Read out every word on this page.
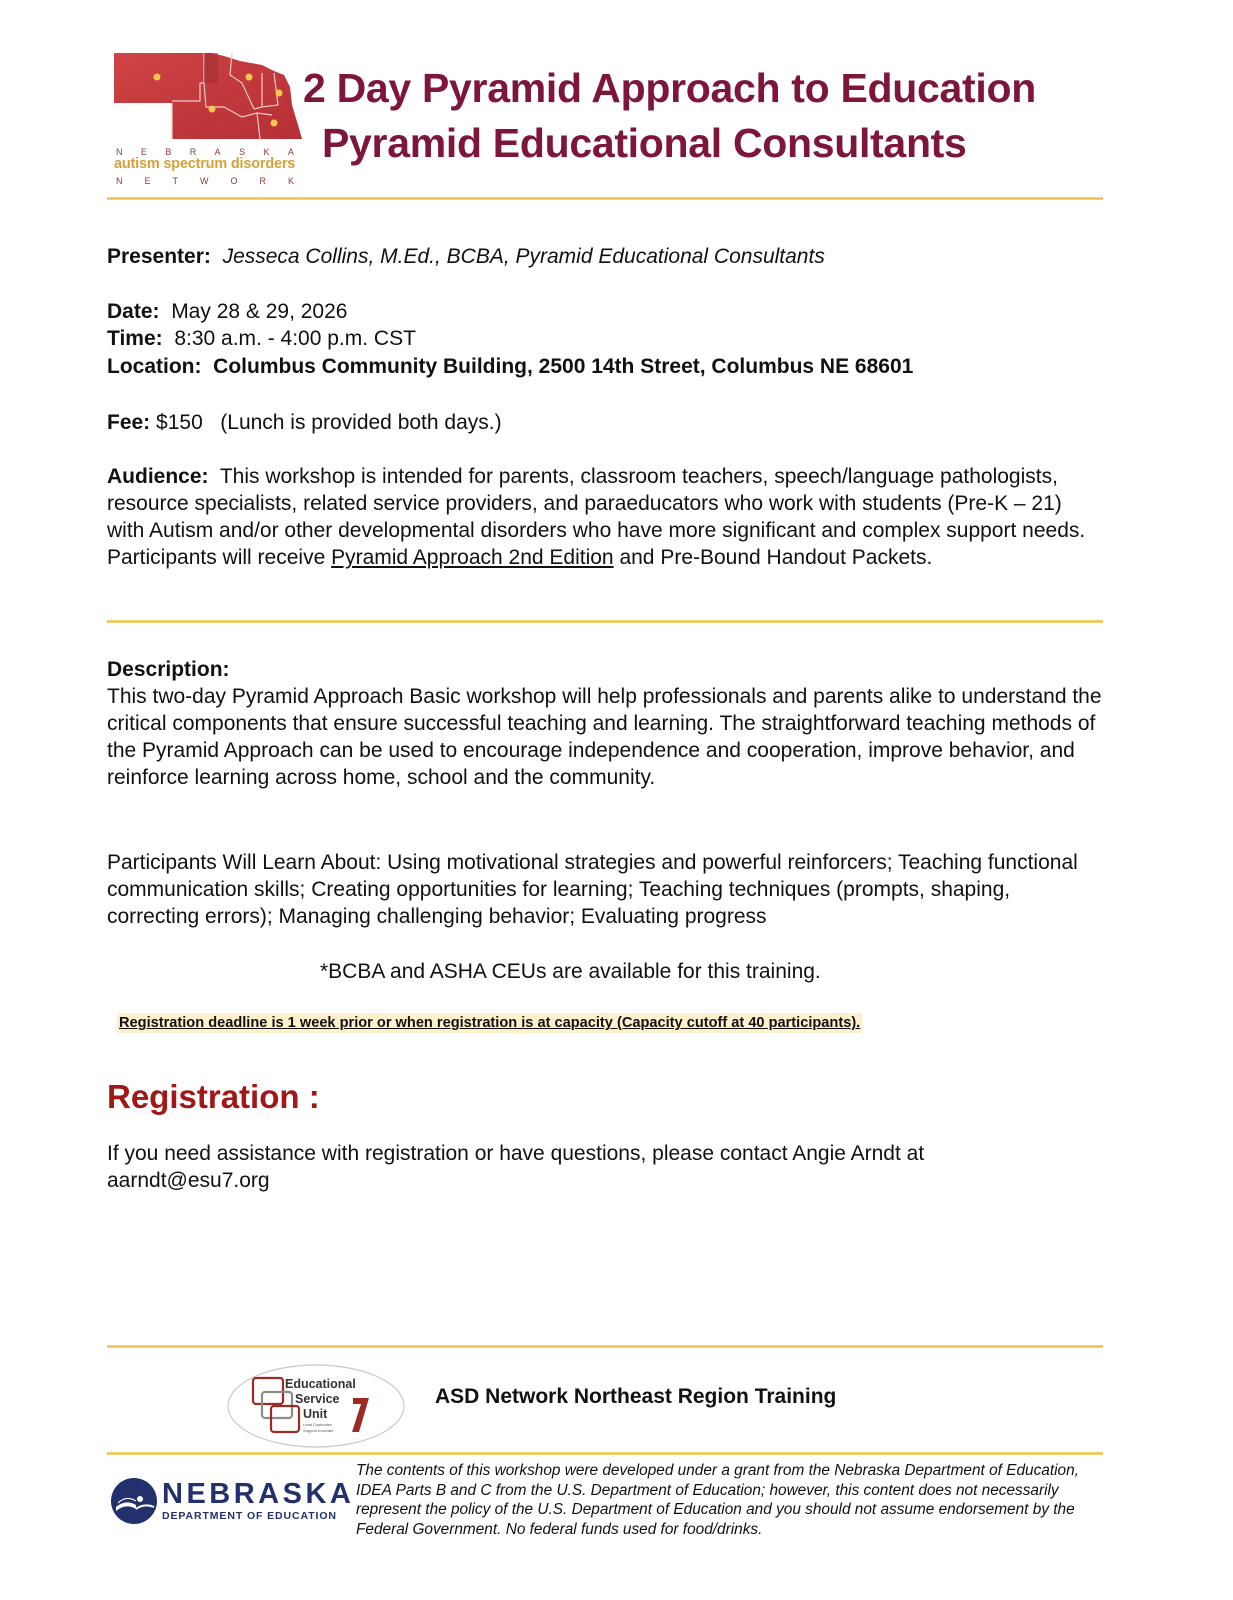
N E B R A S K A
autism spectrum disorders
N E T W O R K
2 Day Pyramid Approach to Education
Pyramid Educational Consultants
Presenter: Jesseca Collins, M.Ed., BCBA, Pyramid Educational Consultants
Date: May 28 & 29, 2026
Time: 8:30 a.m. - 4:00 p.m. CST
Location: Columbus Community Building, 2500 14th Street, Columbus NE 68601
Fee: $150 (Lunch is provided both days.)
Audience: This workshop is intended for parents, classroom teachers, speech/language pathologists, resource specialists, related service providers, and paraeducators who work with students (Pre-K – 21) with Autism and/or other developmental disorders who have more significant and complex support needs. Participants will receive Pyramid Approach 2nd Edition and Pre-Bound Handout Packets.
Description:
This two-day Pyramid Approach Basic workshop will help professionals and parents alike to understand the critical components that ensure successful teaching and learning. The straightforward teaching methods of the Pyramid Approach can be used to encourage independence and cooperation, improve behavior, and reinforce learning across home, school and the community.
Participants Will Learn About: Using motivational strategies and powerful reinforcers; Teaching functional communication skills; Creating opportunities for learning; Teaching techniques (prompts, shaping, correcting errors); Managing challenging behavior; Evaluating progress
*BCBA and ASHA CEUs are available for this training.
Registration deadline is 1 week prior or when registration is at capacity (Capacity cutoff at 40 participants).
Registration :
If you need assistance with registration or have questions, please contact Angie Arndt at
aarndt@esu7.org
Educational
Service
Unit
Lead Customize
Support Innovate
ASD Network Northeast Region Training
NEBRASKA
DEPARTMENT OF EDUCATION
The contents of this workshop were developed under a grant from the Nebraska Department of Education, IDEA Parts B and C from the U.S. Department of Education; however, this content does not necessarily represent the policy of the U.S. Department of Education and you should not assume endorsement by the Federal Government. No federal funds used for food/drinks.
